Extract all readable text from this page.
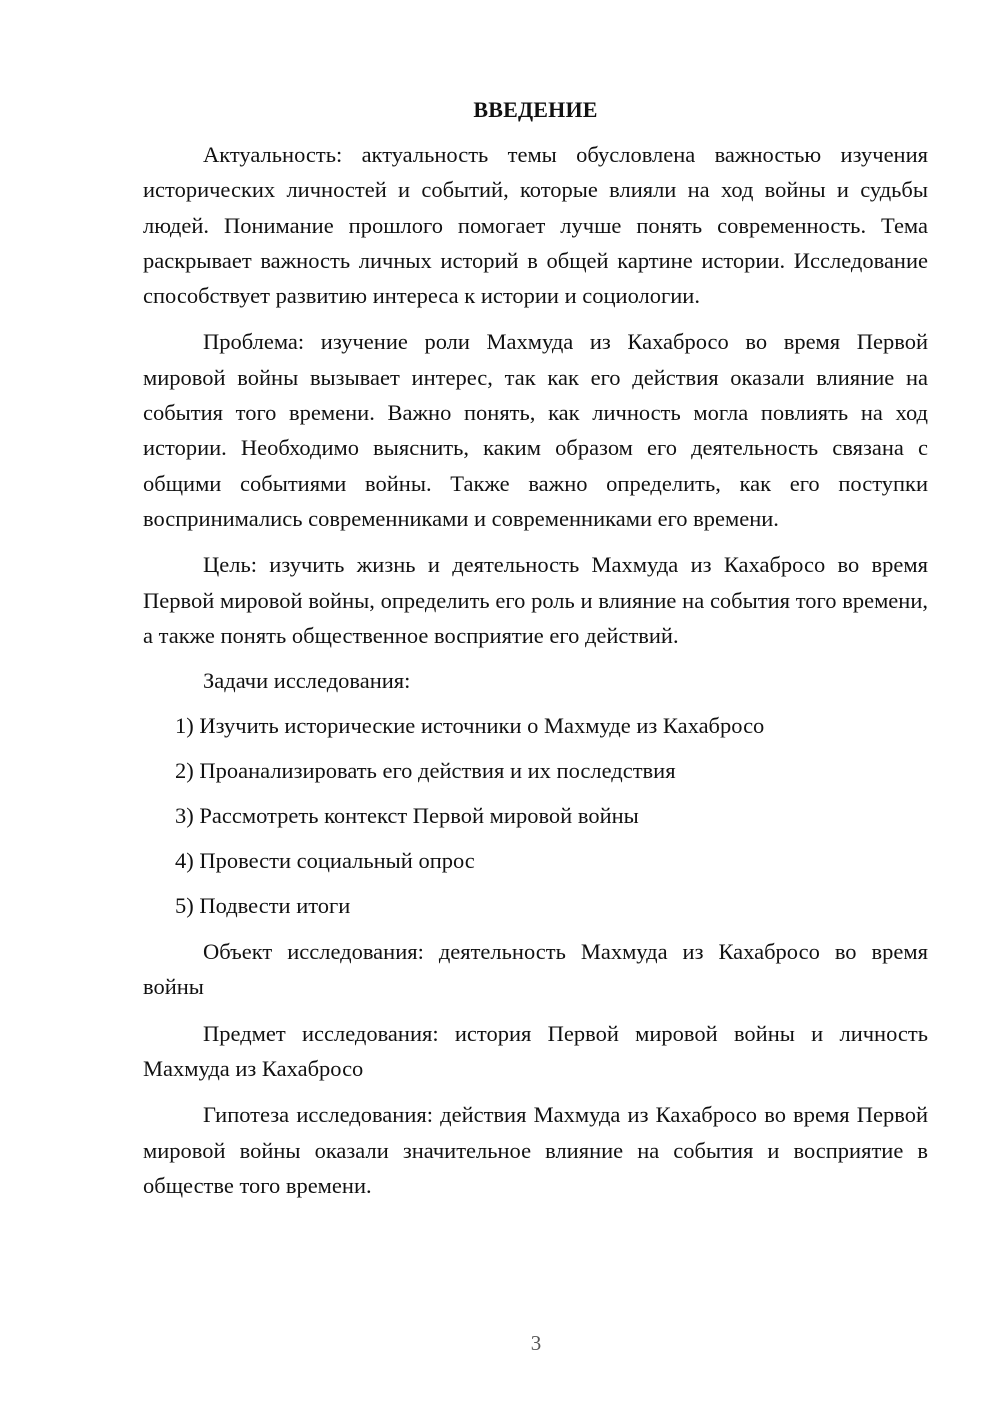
ВВЕДЕНИЕ

Актуальность: актуальность темы обусловлена важностью изучения исторических личностей и событий, которые влияли на ход войны и судьбы людей. Понимание прошлого помогает лучше понять современность. Тема раскрывает важность личных историй в общей картине истории. Исследование способствует развитию интереса к истории и социологии.

Проблема: изучение роли Махмуда из Кахабросо во время Первой мировой войны вызывает интерес, так как его действия оказали влияние на события того времени. Важно понять, как личность могла повлиять на ход истории. Необходимо выяснить, каким образом его деятельность связана с общими событиями войны. Также важно определить, как его поступки воспринимались современниками и современниками его времени.

Цель: изучить жизнь и деятельность Махмуда из Кахабросо во время Первой мировой войны, определить его роль и влияние на события того времени, а также понять общественное восприятие его действий.

Задачи исследования:
1) Изучить исторические источники о Махмуде из Кахабросо
2) Проанализировать его действия и их последствия
3) Рассмотреть контекст Первой мировой войны
4) Провести социальный опрос
5) Подвести итоги

Объект исследования: деятельность Махмуда из Кахабросо во время войны

Предмет исследования: история Первой мировой войны и личность Махмуда из Кахабросо

Гипотеза исследования: действия Махмуда из Кахабросо во время Первой мировой войны оказали значительное влияние на события и восприятие в обществе того времени.

3
